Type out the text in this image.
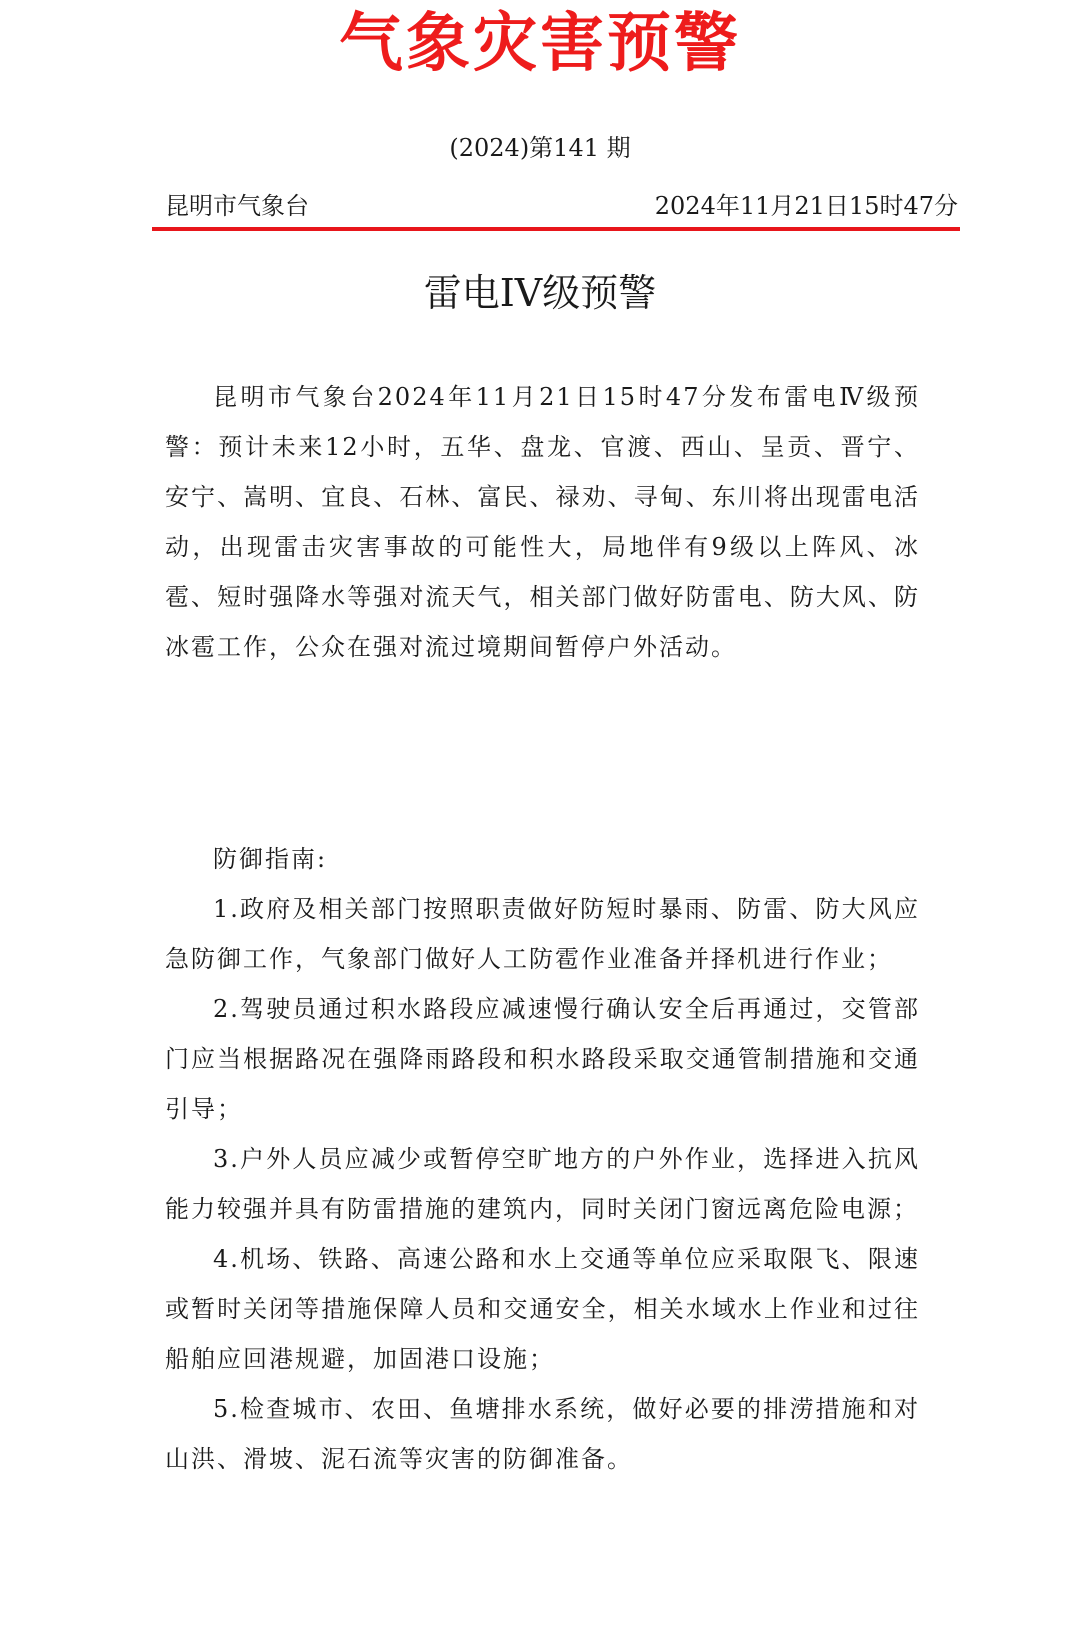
气象灾害预警
(2024)第141 期
昆明市气象台	2024年11月21日15时47分
雷电IV级预警

昆明市气象台2024年11月21日15时47分发布雷电Ⅳ级预警：预计未来12小时，五华、盘龙、官渡、西山、呈贡、晋宁、安宁、嵩明、宜良、石林、富民、禄劝、寻甸、东川将出现雷电活动，出现雷击灾害事故的可能性大，局地伴有9级以上阵风、冰雹、短时强降水等强对流天气，相关部门做好防雷电、防大风、防冰雹工作，公众在强对流过境期间暂停户外活动。

防御指南:

1.政府及相关部门按照职责做好防短时暴雨、防雷、防大风应急防御工作，气象部门做好人工防雹作业准备并择机进行作业；

2.驾驶员通过积水路段应减速慢行确认安全后再通过，交管部门应当根据路况在强降雨路段和积水路段采取交通管制措施和交通引导；

3.户外人员应减少或暂停空旷地方的户外作业，选择进入抗风能力较强并具有防雷措施的建筑内，同时关闭门窗远离危险电源；

4.机场、铁路、高速公路和水上交通等单位应采取限飞、限速或暂时关闭等措施保障人员和交通安全，相关水域水上作业和过往船舶应回港规避，加固港口设施；

5.检查城市、农田、鱼塘排水系统，做好必要的排涝措施和对山洪、滑坡、泥石流等灾害的防御准备。
